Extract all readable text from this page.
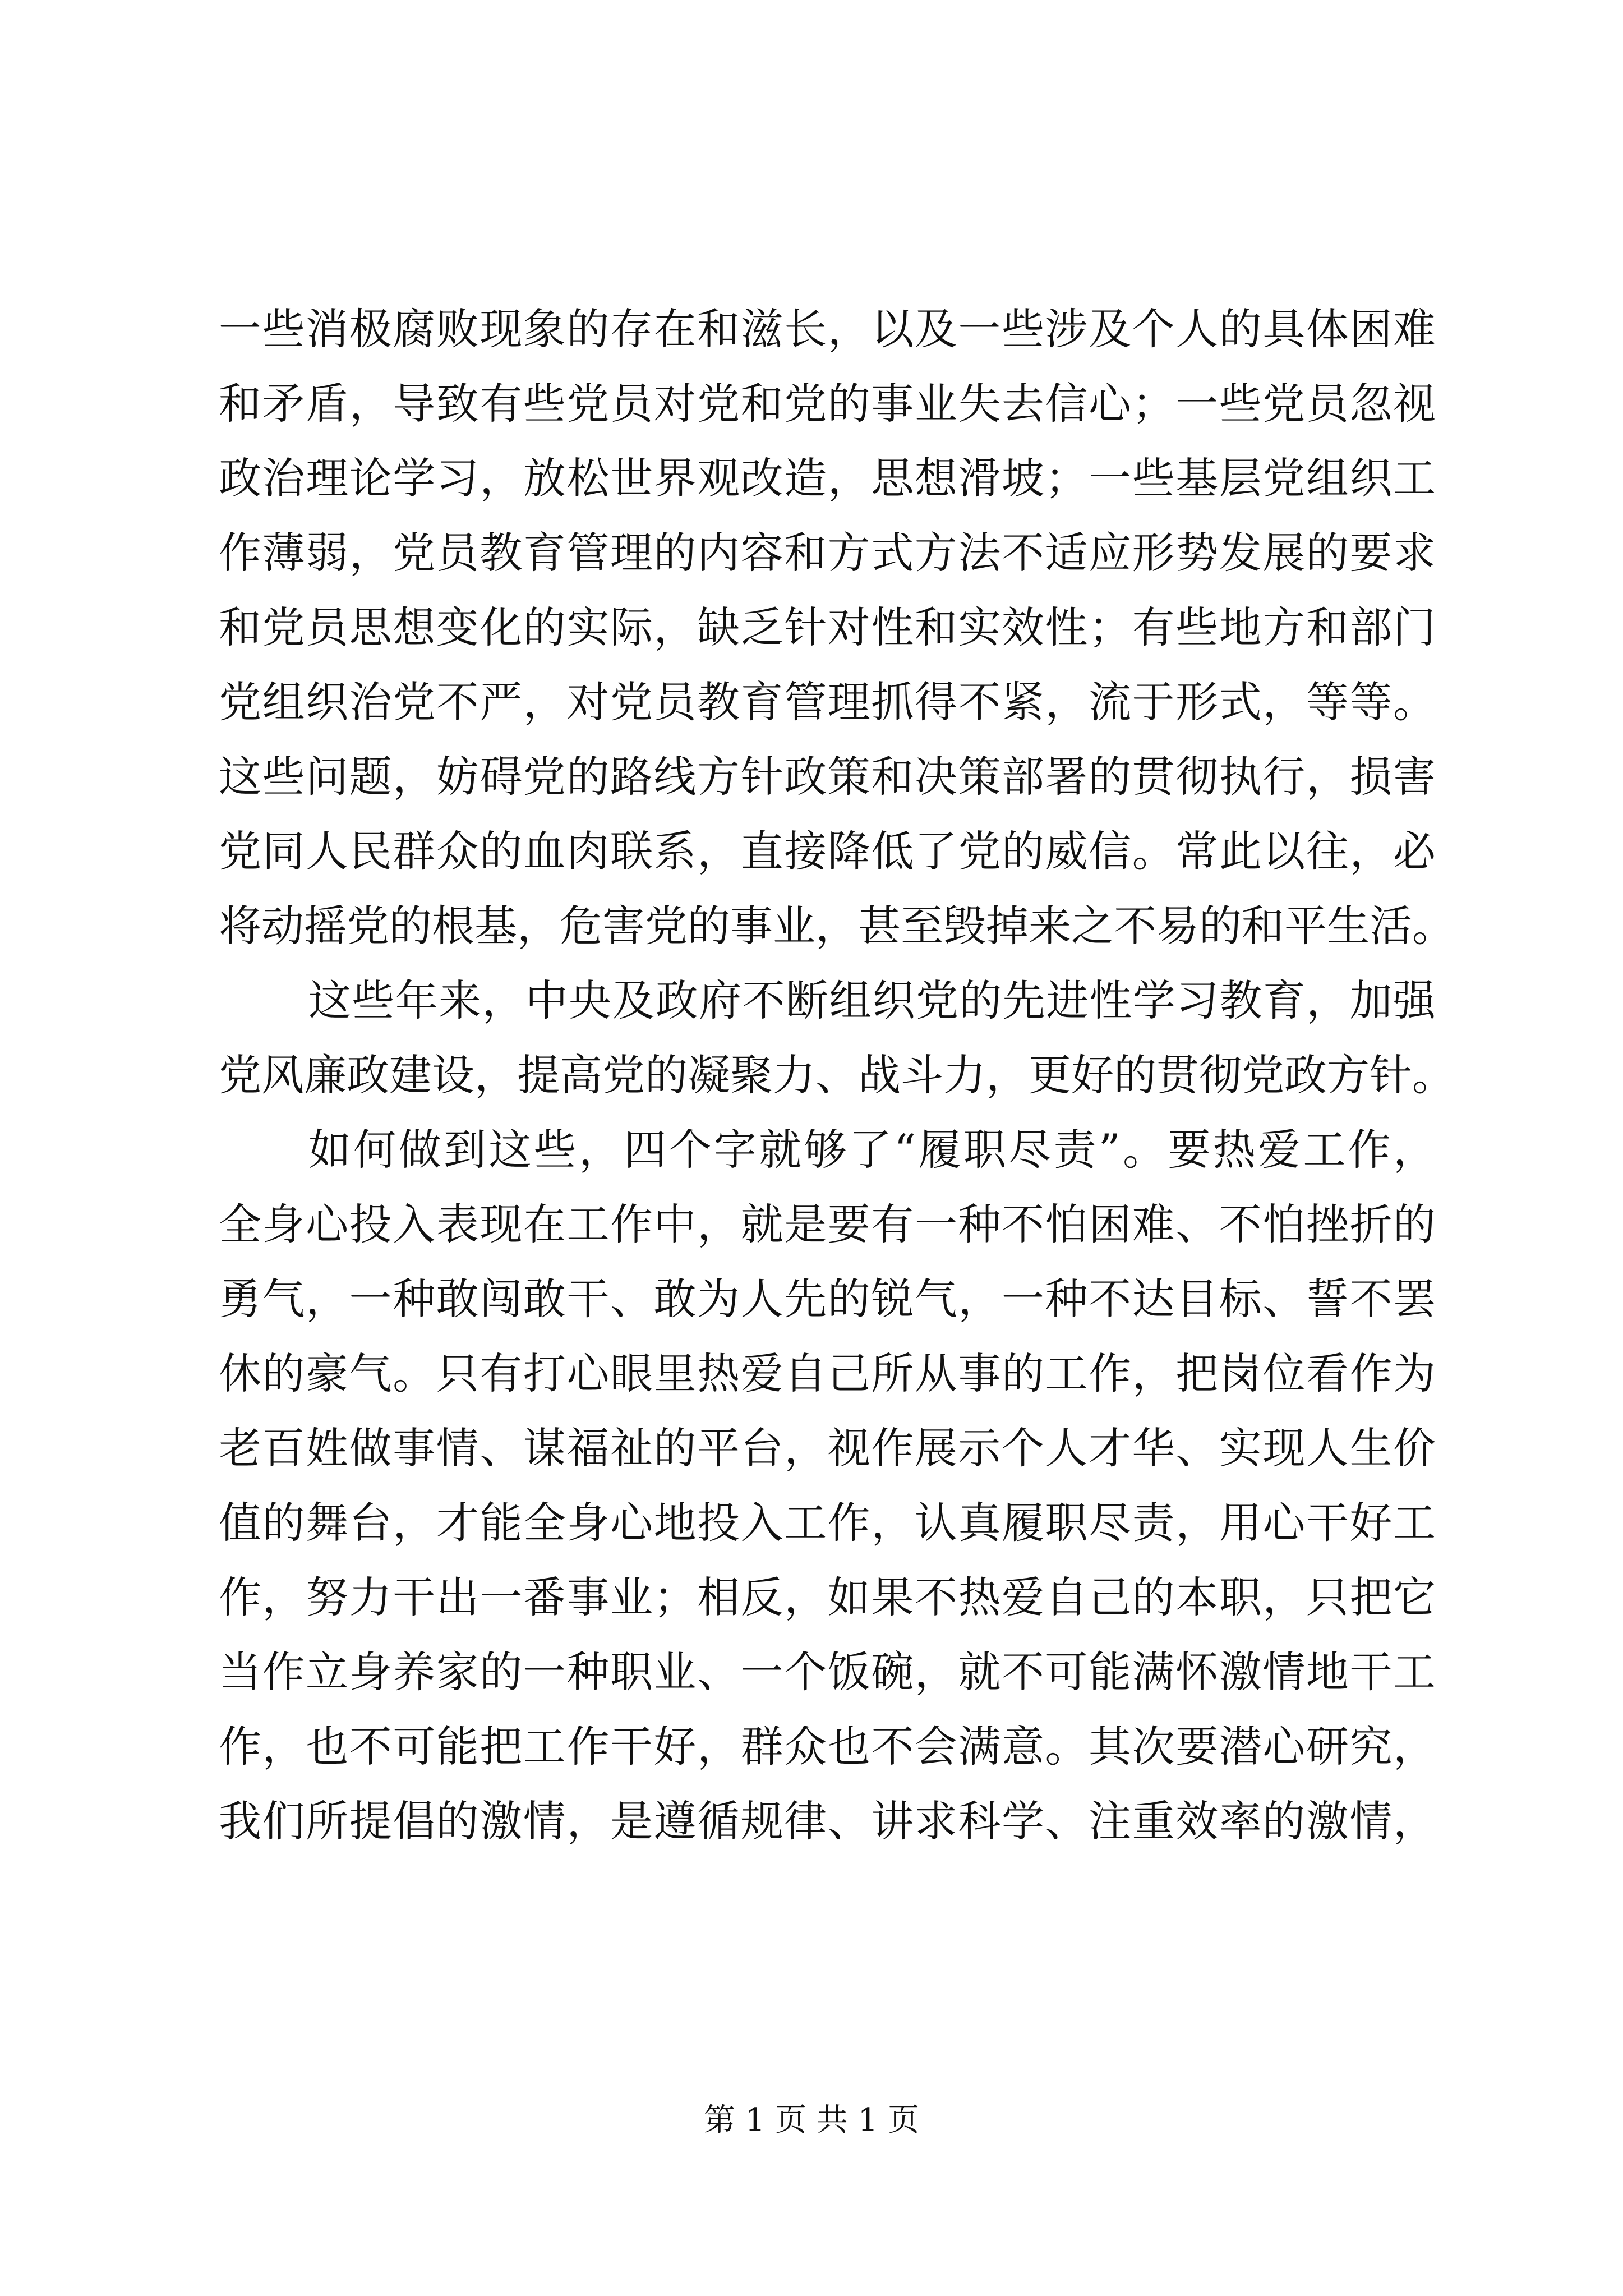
一些消极腐败现象的存在和滋长，以及一些涉及个人的具体困难
和矛盾，导致有些党员对党和党的事业失去信心；一些党员忽视
政治理论学习，放松世界观改造，思想滑坡；一些基层党组织工
作薄弱，党员教育管理的内容和方式方法不适应形势发展的要求
和党员思想变化的实际，缺乏针对性和实效性；有些地方和部门
党组织治党不严，对党员教育管理抓得不紧，流于形式，等等。
这些问题，妨碍党的路线方针政策和决策部署的贯彻执行，损害
党同人民群众的血肉联系，直接降低了党的威信。常此以往，必
将动摇党的根基，危害党的事业，甚至毁掉来之不易的和平生活。
这些年来，中央及政府不断组织党的先进性学习教育，加强
党风廉政建设，提高党的凝聚力、战斗力，更好的贯彻党政方针。
如何做到这些，四个字就够了“履职尽责”。要热爱工作，
全身心投入表现在工作中，就是要有一种不怕困难、不怕挫折的
勇气，一种敢闯敢干、敢为人先的锐气，一种不达目标、誓不罢
休的豪气。只有打心眼里热爱自己所从事的工作，把岗位看作为
老百姓做事情、谋福祉的平台，视作展示个人才华、实现人生价
值的舞台，才能全身心地投入工作，认真履职尽责，用心干好工
作，努力干出一番事业；相反，如果不热爱自己的本职，只把它
当作立身养家的一种职业、一个饭碗，就不可能满怀激情地干工
作，也不可能把工作干好，群众也不会满意。其次要潜心研究，
我们所提倡的激情，是遵循规律、讲求科学、注重效率的激情，
第 1 页 共 1 页
